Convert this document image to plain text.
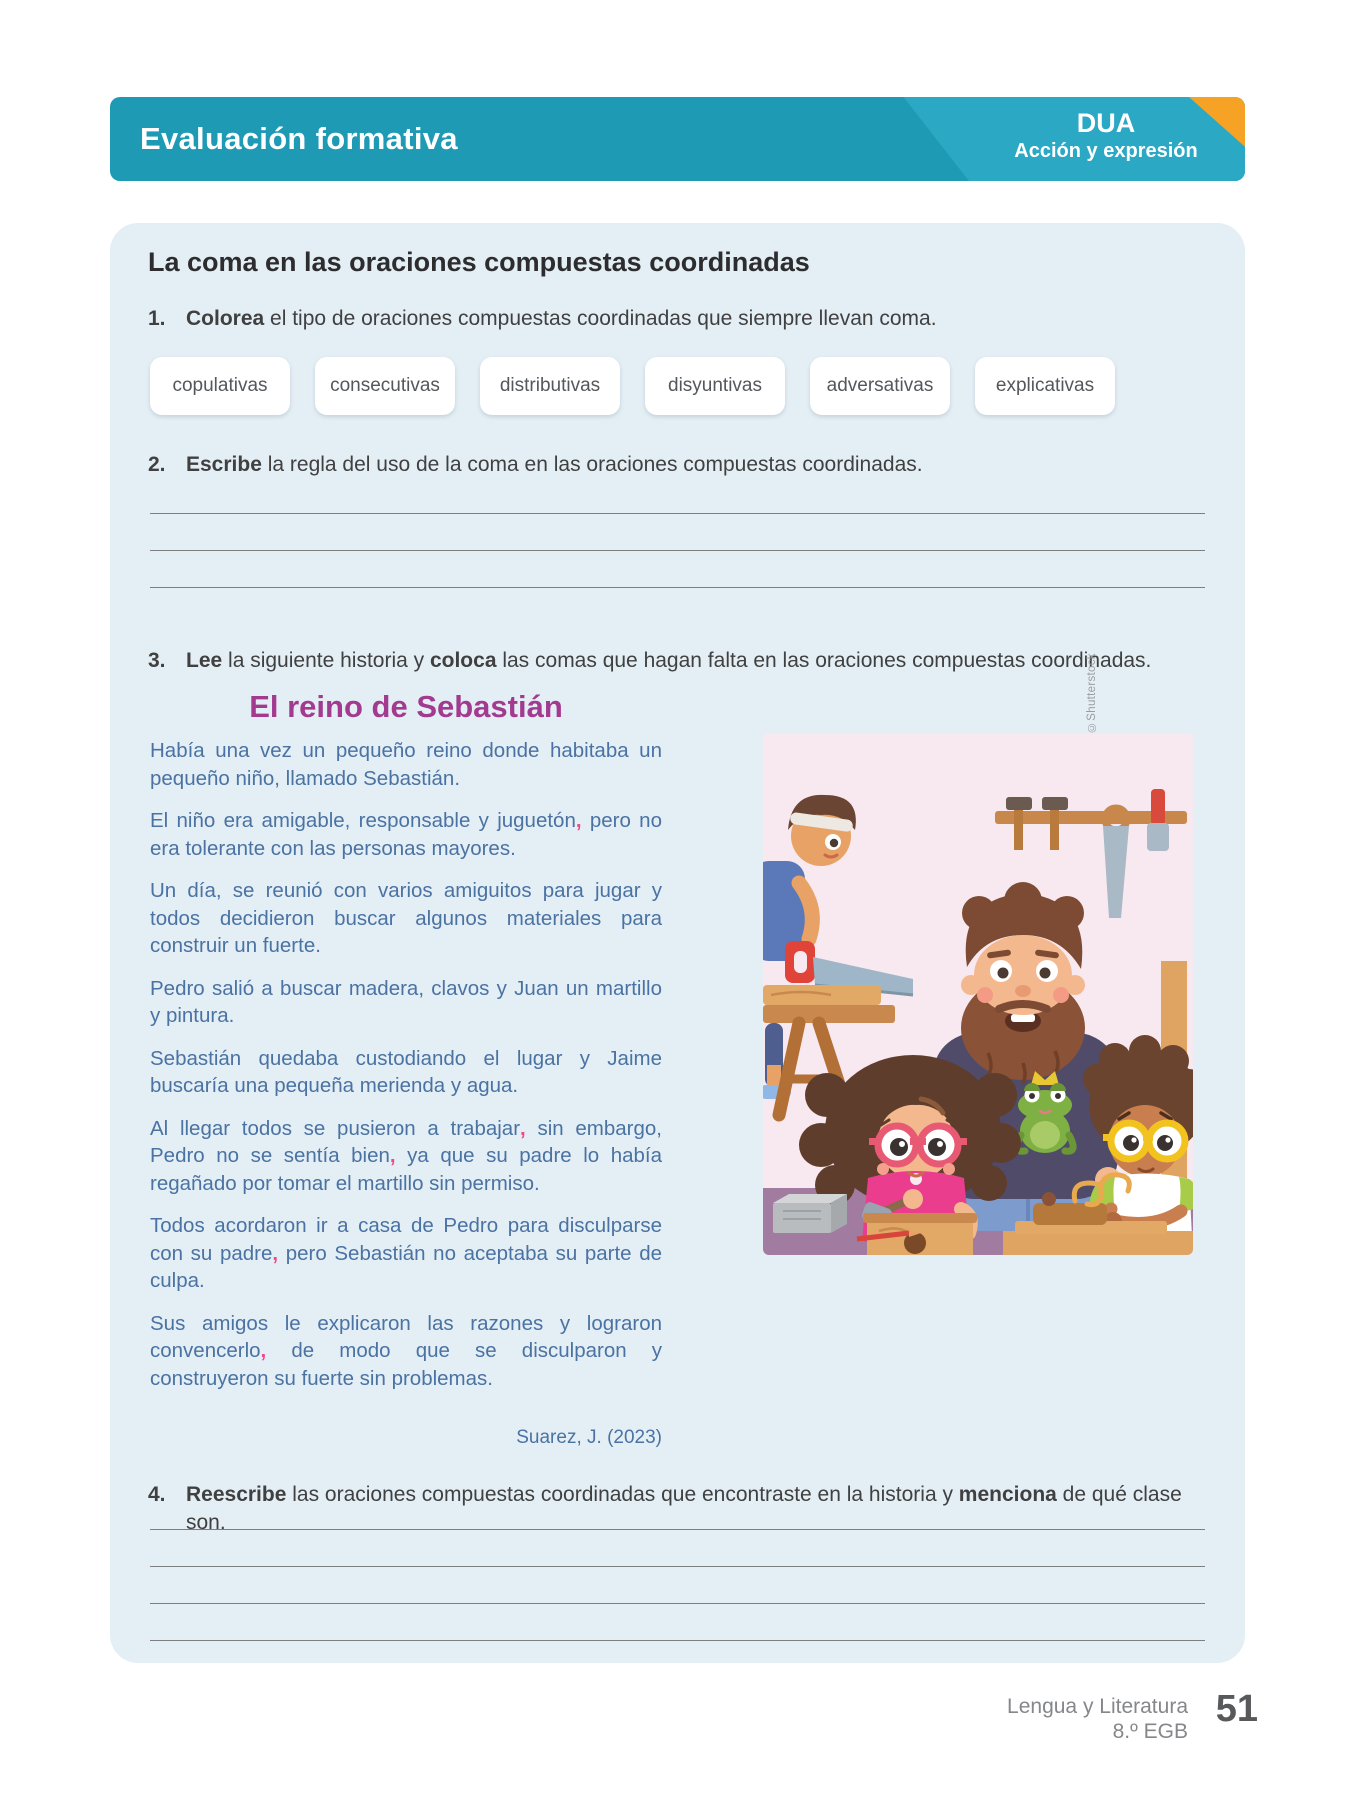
Evaluación formativa	DUA
Acción y expresión
La coma en las oraciones compuestas coordinadas
1. Colorea el tipo de oraciones compuestas coordinadas que siempre llevan coma.
copulativas	consecutivas	distributivas	disyuntivas	adversativas	explicativas
2. Escribe la regla del uso de la coma en las oraciones compuestas coordinadas.
3. Lee la siguiente historia y coloca las comas que hagan falta en las oraciones compuestas coordinadas.
El reino de Sebastián

Había una vez un pequeño reino donde habitaba un pequeño niño, llamado Sebastián.

El niño era amigable, responsable y juguetón, pero no era tolerante con las personas mayores.

Un día, se reunió con varios amiguitos para jugar y todos decidieron buscar algunos materiales para construir un fuerte.

Pedro salió a buscar madera, clavos y Juan un martillo y pintura.

Sebastián quedaba custodiando el lugar y Jaime buscaría una pequeña merienda y agua.

Al llegar todos se pusieron a trabajar, sin embargo, Pedro no se sentía bien, ya que su padre lo había regañado por tomar el martillo sin permiso.

Todos acordaron ir a casa de Pedro para disculparse con su padre, pero Sebastián no aceptaba su parte de culpa.

Sus amigos le explicaron las razones y lograron convencerlo, de modo que se disculparon y construyeron su fuerte sin problemas.

Suarez, J. (2023)
©Shutterstock
4. Reescribe las oraciones compuestas coordinadas que encontraste en la historia y menciona de qué clase son.
Lengua y Literatura
8.º EGB
51
